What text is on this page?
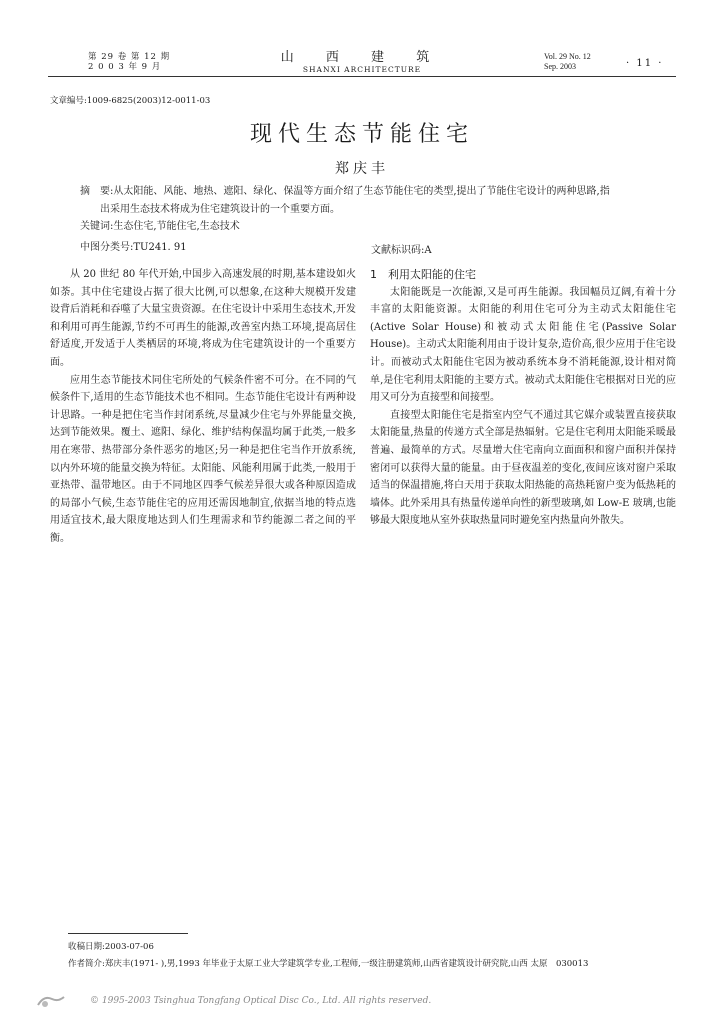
第 29 卷 第 12 期
2 0 0 3 年 9 月
山 西 建 筑
SHANXI ARCHITECTURE
Vol. 29 No. 12
Sep. 2003	· 11 ·
文章编号:1009-6825(2003)12-0011-03
现代生态节能住宅
郑庆丰
摘　要:从太阳能、风能、地热、遮阳、绿化、保温等方面介绍了生态节能住宅的类型,提出了节能住宅设计的两种思路,指
出采用生态技术将成为住宅建筑设计的一个重要方面。
关键词:生态住宅,节能住宅,生态技术
中图分类号:TU241. 91	文献标识码:A

从 20 世纪 80 年代开始,中国步入高速发展的时期,基本建设如火如荼。其中住宅建设占据了很大比例,可以想象,在这种大规模开发建设背后消耗和吞噬了大量宝贵资源。在住宅设计中采用生态技术,开发和利用可再生能源,节约不可再生的能源,改善室内热工环境,提高居住舒适度,开发适于人类栖居的环境,将成为住宅建筑设计的一个重要方面。

应用生态节能技术同住宅所处的气候条件密不可分。在不同的气候条件下,适用的生态节能技术也不相同。生态节能住宅设计有两种设计思路。一种是把住宅当作封闭系统,尽量减少住宅与外界能量交换,达到节能效果。覆土、遮阳、绿化、维护结构保温均属于此类,一般多用在寒带、热带部分条件恶劣的地区;另一种是把住宅当作开放系统,以内外环境的能量交换为特征。太阳能、风能利用属于此类,一般用于亚热带、温带地区。由于不同地区四季气候差异很大或各种原因造成的局部小气候,生态节能住宅的应用还需因地制宜,依据当地的特点选用适宜技术,最大限度地达到人们生理需求和节约能源二者之间的平衡。

1　利用太阳能的住宅

太阳能既是一次能源,又是可再生能源。我国幅员辽阔,有着十分丰富的太阳能资源。太阳能的利用住宅可分为主动式太阳能住宅(Active Solar House)和被动式太阳能住宅(Passive Solar House)。主动式太阳能利用由于设计复杂,造价高,很少应用于住宅设计。而被动式太阳能住宅因为被动系统本身不消耗能源,设计相对简单,是住宅利用太阳能的主要方式。被动式太阳能住宅根据对日光的应用又可分为直接型和间接型。

直接型太阳能住宅是指室内空气不通过其它媒介或装置直接获取太阳能量,热量的传递方式全部是热辐射。它是住宅利用太阳能采暖最普遍、最简单的方式。尽量增大住宅南向立面面积和窗户面积并保持密闭可以获得大量的能量。由于昼夜温差的变化,夜间应该对窗户采取适当的保温措施,将白天用于获取太阳热能的高热耗窗户变为低热耗的墙体。此外采用具有热量传递单向性的新型玻璃,如 Low-E 玻璃,也能够最大限度地从室外获取热量同时避免室内热量向外散失。

收稿日期:2003-07-06
作者简介:郑庆丰(1971- ),男,1993 年毕业于太原工业大学建筑学专业,工程师,一级注册建筑师,山西省建筑设计研究院,山西 太原　030013
© 1995-2003 Tsinghua Tongfang Optical Disc Co., Ltd. All rights reserved.
